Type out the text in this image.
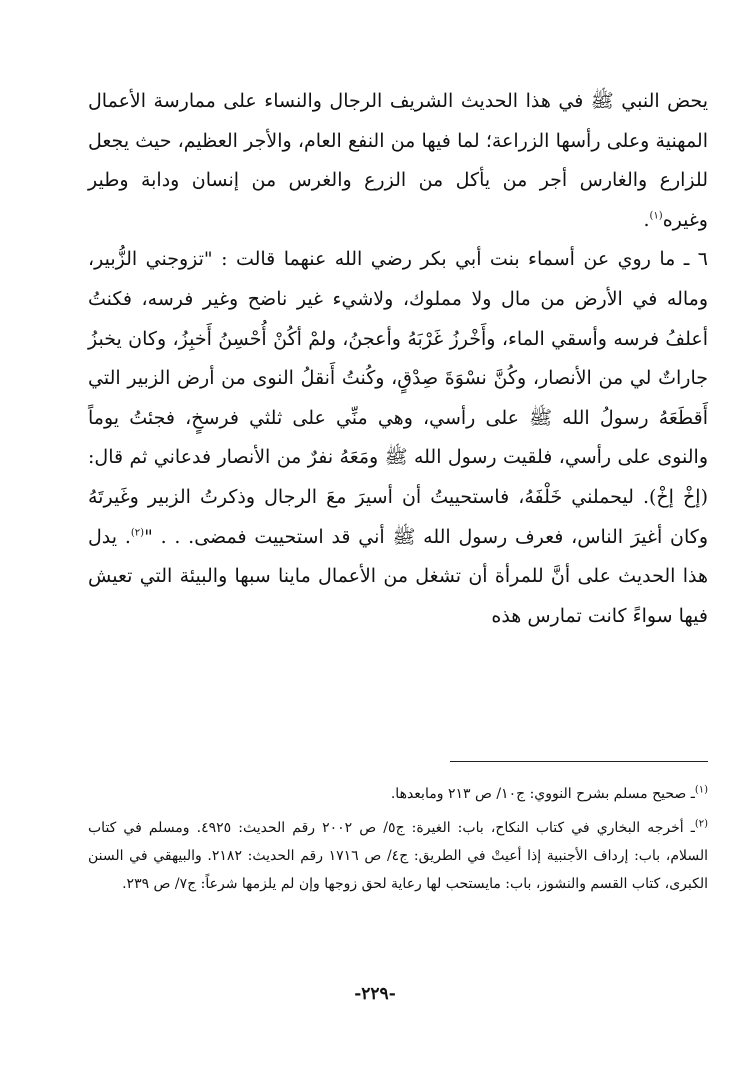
يحض النبي ﷺ في هذا الحديث الشريف الرجال والنساء على ممارسة الأعمال المهنية وعلى رأسها الزراعة؛ لما فيها من النفع العام، والأجر العظيم، حيث يجعل للزارع والغارس أجر من يأكل من الزرع والغرس من إنسان ودابة وطير وغيره$^{(١)}$.

٦ ـ ما روي عن أسماء بنت أبي بكر رضي الله عنهما قالت : "تزوجني الزُّبير، وماله في الأرض من مال ولا مملوك، ولاشيء غير ناضح وغير فرسه، فكنتُ أعلفُ فرسه وأسقي الماء، وأَخْرزُ غَرْبَهُ وأعجنُ، ولمْ أكُنْ أُحْسِنُ أَخبِزُ، وكان يخبزُ جاراتٌ لي من الأنصار، وكُنَّ نسْوَةَ صِدْقٍ، وكُنتُ أَنقلُ النوى من أرض الزبير التي أَقطَعَهُ رسولُ الله ﷺ على رأسي، وهي منِّي على ثلثي فرسخٍ، فجئتُ يوماً والنوى على رأسي، فلقيت رسول الله ﷺ ومَعَهُ نفرٌ من الأنصار فدعاني ثم قال: (إخْ إخْ). ليحملني خَلْفَهُ، فاستحييتُ أن أسيرَ معَ الرجال وذكرتُ الزبير وغَيرتَهُ وكان أغيرَ الناس، فعرف رسول الله ﷺ أني قد استحييت فمضى. . . "$^{(٢)}$. يدل هذا الحديث على أنَّ للمرأة أن تشغل من الأعمال ماينا سبها والبيئة التي تعيش فيها سواءً كانت تمارس هذه

$^{(١)}$ـ صحيح مسلم بشرح النووي: ج١٠/ ص ٢١٣ ومابعدها.

$^{(٢)}$ـ أخرجه البخاري في كتاب النكاح، باب: الغيرة: ج٥/ ص ٢٠٠٢ رقم الحديث: ٤٩٢٥. ومسلم في كتاب السلام، باب: إرداف الأجنبية إذا أعيتْ في الطريق: ج٤/ ص ١٧١٦ رقم الحديث: ٢١٨٢. والبيهقي في السنن الكبرى، كتاب القسم والنشوز، باب: مايستحب لها رعاية لحق زوجها وإن لم يلزمها شرعاً: ج٧/ ص ٢٣٩.

-٢٢٩-
